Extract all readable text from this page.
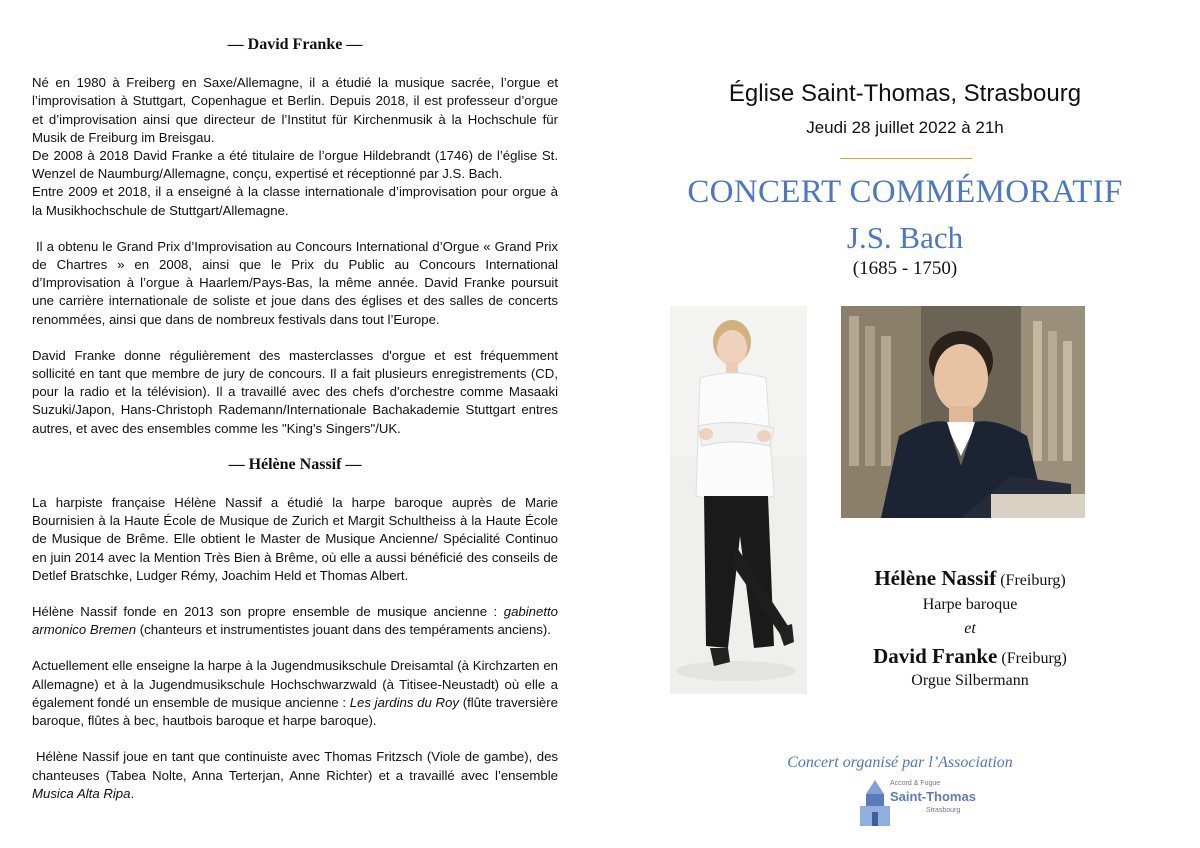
— David Franke —

Né en 1980 à Freiberg en Saxe/Allemagne, il a étudié la musique sacrée, l’orgue et l’improvisation à Stuttgart, Copenhague et Berlin. Depuis 2018, il est professeur d’orgue et d’improvisation ainsi que directeur de l’Institut für Kirchenmusik à la Hochschule für Musik de Freiburg im Breisgau.

De 2008 à 2018 David Franke a été titulaire de l’orgue Hildebrandt (1746) de l’église St. Wenzel de Naumburg/Allemagne, conçu, expertisé et réceptionné par J.S. Bach.

Entre 2009 et 2018, il a enseigné à la classe internationale d’improvisation pour orgue à la Musikhochschule de Stuttgart/Allemagne.

Il a obtenu le Grand Prix d’Improvisation au Concours International d’Orgue « Grand Prix de Chartres » en 2008, ainsi que le Prix du Public au Concours International d’Improvisation à l’orgue à Haarlem/Pays-Bas, la même année. David Franke poursuit une carrière internationale de soliste et joue dans des églises et des salles de concerts renommées, ainsi que dans de nombreux festivals dans tout l’Europe.

David Franke donne régulièrement des masterclasses d'orgue et est fréquemment sollicité en tant que membre de jury de concours. Il a fait plusieurs enregistrements (CD, pour la radio et la télévision). Il a travaillé avec des chefs d'orchestre comme Masaaki Suzuki/Japon, Hans-Christoph Rademann/Internationale Bachakademie Stuttgart entres autres, et avec des ensembles comme les "King's Singers"/UK.

— Hélène Nassif —

La harpiste française Hélène Nassif a étudié la harpe baroque auprès de Marie Bournisien à la Haute École de Musique de Zurich et Margit Schultheiss à la Haute École de Musique de Brême. Elle obtient le Master de Musique Ancienne/ Spécialité Continuo en juin 2014 avec la Mention Très Bien à Brême, où elle a aussi bénéficié des conseils de Detlef Bratschke, Ludger Rémy, Joachim Held et Thomas Albert.

Hélène Nassif fonde en 2013 son propre ensemble de musique ancienne : gabinetto armonico Bremen (chanteurs et instrumentistes jouant dans des tempéraments anciens).

Actuellement elle enseigne la harpe à la Jugendmusikschule Dreisamtal (à Kirchzarten en Allemagne) et à la Jugendmusikschule Hochschwarzwald (à Titisee-Neustadt) où elle a également fondé un ensemble de musique ancienne : Les jardins du Roy (flûte traversière baroque, flûtes à bec, hautbois baroque et harpe baroque).

Hélène Nassif joue en tant que continuiste avec Thomas Fritzsch (Viole de gambe), des chanteuses (Tabea Nolte, Anna Terterjan, Anne Richter) et a travaillé avec l’ensemble Musica Alta Ripa.

Église Saint-Thomas, Strasbourg
Jeudi 28 juillet 2022 à 21h
CONCERT COMMÉMORATIF
J.S. Bach
(1685 - 1750)
Hélène Nassif (Freiburg)
Harpe baroque
et
David Franke (Freiburg)
Orgue Silbermann
Concert organisé par l’Association
Accord & Fugue
Saint-Thomas
Strasbourg
